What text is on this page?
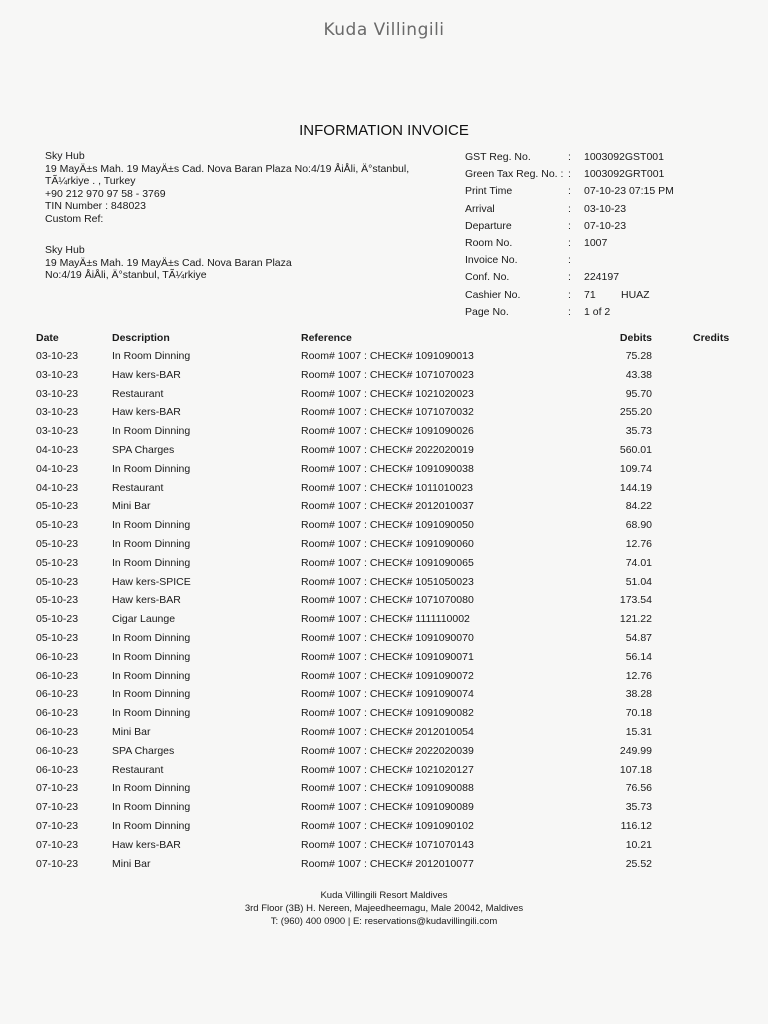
Kuda Villingili
INFORMATION INVOICE
Sky Hub
19 MayÄ±s Mah. 19 MayÄ±s Cad. Nova Baran Plaza No:4/19 ÅiÅli, Ä°stanbul,
TÃ¼rkiye . , Turkey
+90 212 970 97 58 - 3769
TIN Number : 848023
Custom Ref:
Sky Hub
19 MayÄ±s Mah. 19 MayÄ±s Cad. Nova Baran Plaza
No:4/19 ÅiÅli, Ä°stanbul, TÃ¼rkiye
GST Reg. No.	: 1003092GST001
Green Tax Reg. No. : : 1003092GRT001
Print Time	: 07-10-23 07:15 PM
Arrival	: 03-10-23
Departure	: 07-10-23
Room No.	: 1007
Invoice No.	:
Conf. No.	: 224197
Cashier No.	: 71 HUAZ
Page No.	: 1 of 2
Date	Description	Reference	Debits	Credits
03-10-23	In Room Dinning	Room# 1007 : CHECK# 1091090013	75.28
03-10-23	Haw kers-BAR	Room# 1007 : CHECK# 1071070023	43.38
03-10-23	Restaurant	Room# 1007 : CHECK# 1021020023	95.70
03-10-23	Haw kers-BAR	Room# 1007 : CHECK# 1071070032	255.20
03-10-23	In Room Dinning	Room# 1007 : CHECK# 1091090026	35.73
04-10-23	SPA Charges	Room# 1007 : CHECK# 2022020019	560.01
04-10-23	In Room Dinning	Room# 1007 : CHECK# 1091090038	109.74
04-10-23	Restaurant	Room# 1007 : CHECK# 1011010023	144.19
05-10-23	Mini Bar	Room# 1007 : CHECK# 2012010037	84.22
05-10-23	In Room Dinning	Room# 1007 : CHECK# 1091090050	68.90
05-10-23	In Room Dinning	Room# 1007 : CHECK# 1091090060	12.76
05-10-23	In Room Dinning	Room# 1007 : CHECK# 1091090065	74.01
05-10-23	Haw kers-SPICE	Room# 1007 : CHECK# 1051050023	51.04
05-10-23	Haw kers-BAR	Room# 1007 : CHECK# 1071070080	173.54
05-10-23	Cigar Launge	Room# 1007 : CHECK# 1111110002	121.22
05-10-23	In Room Dinning	Room# 1007 : CHECK# 1091090070	54.87
06-10-23	In Room Dinning	Room# 1007 : CHECK# 1091090071	56.14
06-10-23	In Room Dinning	Room# 1007 : CHECK# 1091090072	12.76
06-10-23	In Room Dinning	Room# 1007 : CHECK# 1091090074	38.28
06-10-23	In Room Dinning	Room# 1007 : CHECK# 1091090082	70.18
06-10-23	Mini Bar	Room# 1007 : CHECK# 2012010054	15.31
06-10-23	SPA Charges	Room# 1007 : CHECK# 2022020039	249.99
06-10-23	Restaurant	Room# 1007 : CHECK# 1021020127	107.18
07-10-23	In Room Dinning	Room# 1007 : CHECK# 1091090088	76.56
07-10-23	In Room Dinning	Room# 1007 : CHECK# 1091090089	35.73
07-10-23	In Room Dinning	Room# 1007 : CHECK# 1091090102	116.12
07-10-23	Haw kers-BAR	Room# 1007 : CHECK# 1071070143	10.21
07-10-23	Mini Bar	Room# 1007 : CHECK# 2012010077	25.52
Kuda Villingili Resort Maldives
3rd Floor (3B) H. Nereen, Majeedheemagu, Male 20042, Maldives
T: (960) 400 0900 | E: reservations@kudavillingili.com
